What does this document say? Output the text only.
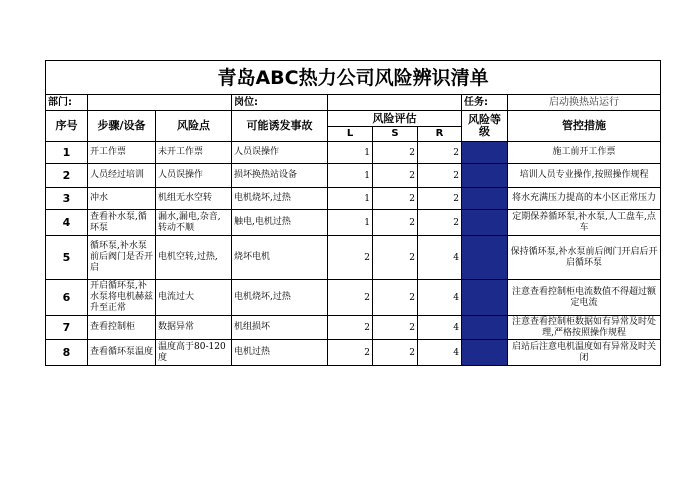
青岛ABC热力公司风险辨识清单								
部门:			岗位:				任务:	启动换热站运行
序号	步骤/设备	风险点	可能诱发事故	风险评估			风险等级	管控措施
				L	S	R		
1	开工作票	未开工作票	人员误操作	1	2	2	低风险	施工前开工作票
2	人员经过培训	人员误操作	损坏换热站设备	1	2	2	低风险	培训人员专业操作,按照操作规程
3	冲水	机组无水空转	电机烧坏,过热	1	2	2	低风险	将水充满压力提高的本小区正常压力
4	查看补水泵,循环泵	漏水,漏电,杂音,转动不顺	触电,电机过热	1	2	2	低风险	定期保养循环泵,补水泵,人工盘车,点车
5	循环泵,补水泵前后阀门是否开启	电机空转,过热,	烧坏电机	2	2	4	低风险	保持循环泵,补水泵前后阀门开启后开启循环泵
6	开启循环泵,补水泵将电机赫兹升至正常	电流过大	电机烧坏,过热	2	2	4	低风险	注意查看控制柜电流数值不得超过额定电流
7	查看控制柜	数据异常	机组损坏	2	2	4	低风险	注意查看控制柜数据如有异常及时处理,严格按照操作规程
8	查看循环泵温度	温度高于80-120度	电机过热	2	2	4	低风险	启站后注意电机温度如有异常及时关闭
